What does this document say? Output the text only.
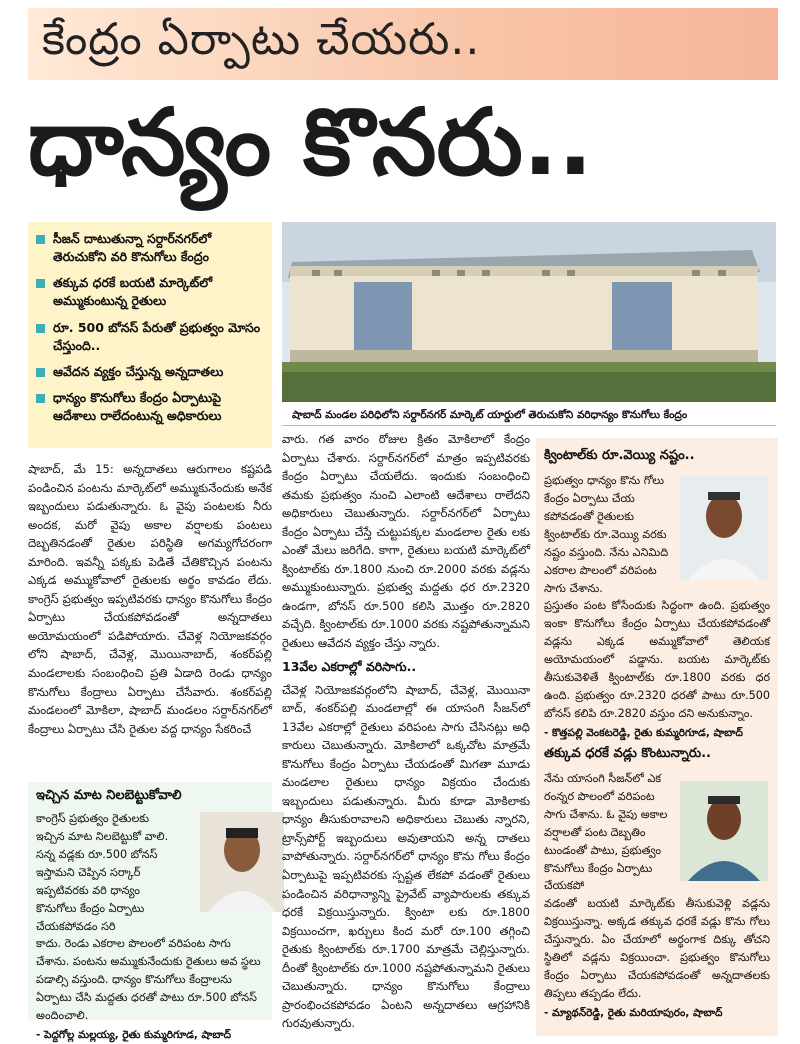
కేంద్రం ఏర్పాటు చేయరు..
ధాన్యం కొనరు..
సీజన్ దాటుతున్నా సర్దార్‌నగర్‌లో తెరుచుకోని వరి కొనుగోలు కేంద్రం
తక్కువ ధరకే బయటి మార్కెట్‌లో అమ్ముకుంటున్న రైతులు
రూ. 500 బోనస్ పేరుతో ప్రభుత్వం మోసం చేస్తుంది..
ఆవేదన వ్యక్తం చేస్తున్న అన్నదాతలు
ధాన్యం కొనుగోలు కేంద్రం ఏర్పాటుపై ఆదేశాలు రాలేదంటున్న అధికారులు	షాబాద్ మండల పరిధిలోని సర్దార్‌నగర్ మార్కెట్ యార్డులో తెరుచుకోని వరిధాన్యం కొనుగోలు కేంద్రం

షాబాద్, మే 15: అన్నదాతలు ఆరుగాలం కష్టపడి పండించిన పంటను మార్కెట్‌లో అమ్ముకునేందుకు అనేక ఇబ్బందులు పడుతున్నారు. ఓ వైపు పంటలకు నీరు అందక, మరో వైపు అకాల వర్షాలకు పంటలు దెబ్బతినడంతో రైతుల పరిస్థితి అగమ్యగోచరంగా మారింది. ఇవన్నీ పక్కకు పెడితే చేతికొచ్చిన పంటను ఎక్కడ అమ్ముకోవాలో రైతులకు అర్థం కావడం లేదు. కాంగ్రెస్ ప్రభుత్వం ఇప్పటివరకు ధాన్యం కొనుగోలు కేంద్రం ఏర్పాటు చేయకపోవడంతో అన్నదాతలు అయోమయంలో పడిపోయారు. చేవెళ్ల నియోజకవర్గం లోని షాబాద్, చేవెళ్ల, మొయినాబాద్, శంకర్‌పల్లి మండలాలకు సంబంధించి ప్రతి ఏడాది రెండు ధాన్యం కొనుగోలు కేంద్రాలు ఏర్పాటు చేసేవారు. శంకర్‌పల్లి మండలంలో మోకిలా, షాబాద్ మండలం సర్దార్‌నగర్‌లో కేంద్రాలు ఏర్పాటు చేసి రైతుల వద్ద ధాన్యం సేకరించే

ఇచ్చిన మాట నిలబెట్టుకోవాలి
కాంగ్రెస్ ప్రభుత్వం రైతులకు ఇచ్చిన మాట నిలబెట్టుకో వాలి. సన్న వడ్లకు రూ.500 బోనస్ ఇస్తామని చెప్పిన సర్కార్ ఇప్పటివరకు వరి ధాన్యం కొనుగోలు కేంద్రం ఏర్పాటు చేయకపోవడం సరి
కాదు. రెండు ఎకరాల పొలంలో వరిపంట సాగు చేశాను. పంటను అమ్ముకునేందుకు రైతులు అవ స్థలు పడాల్సి వస్తుంది. ధాన్యం కొనుగోలు కేంద్రాలను ఏర్పాటు చేసి మద్దతు ధరతో పాటు రూ.500 బోనస్ అందించాలి.
- పెద్దగోల్ల మల్లయ్య, రైతు కుమ్మరిగూడ, షాబాద్

వారు. గత వారం రోజుల క్రితం మోకిలాలో కేంద్రం ఏర్పాటు చేశారు. సర్దార్‌నగర్‌లో మాత్రం ఇప్పటివరకు కేంద్రం ఏర్పాటు చేయలేదు. ఇందుకు సంబంధించి తమకు ప్రభుత్వం నుంచి ఎలాంటి ఆదేశాలు రాలేదని అధికారులు చెబుతున్నారు. సర్దార్‌నగర్‌లో ఏర్పాటు కేంద్రం ఏర్పాటు చేస్తే చుట్టుపక్కల మండలాల రైతు లకు ఎంతో మేలు జరిగేది. కాగా, రైతులు బయటి మార్కెట్‌లో క్వింటాల్‌కు రూ.1800 నుంచి రూ.2000 వరకు వడ్లను అమ్ముకుంటున్నారు. ప్రభుత్వ మద్దతు ధర రూ.2320 ఉండగా, బోనస్ రూ.500 కలిసి మొత్తం రూ.2820 వచ్చేది. క్వింటాల్‌కు రూ.1000 వరకు నష్టపోతున్నామని రైతులు ఆవేదన వ్యక్తం చేస్తు న్నారు.

13వేల ఎకరాల్లో వరిసాగు..

చేవెళ్ల నియోజకవర్గంలోని షాబాద్, చేవెళ్ల, మొయినా బాద్, శంకర్‌పల్లి మండలాల్లో ఈ యాసంగి సీజన్‌లో 13వేల ఎకరాల్లో రైతులు వరిపంట సాగు చేసినట్లు అధి కారులు చెబుతున్నారు. మోకిలాలో ఒక్కచోట మాత్రమే కొనుగోలు కేంద్రం ఏర్పాటు చేయడంతో మిగతా మూడు మండలాల రైతులు ధాన్యం విక్రయం చేందుకు ఇబ్బందులు పడుతున్నారు. మీరు కూడా మోకిలాకు ధాన్యం తీసుకురావాలని అధికారులు చెబుతు న్నారని, ట్రాన్స్‌పోర్ట్ ఇబ్బందులు అవుతాయని అన్న దాతలు వాపోతున్నారు. సర్దార్‌నగర్‌లో ధాన్యం కొను గోలు కేంద్రం ఏర్పాటుపై ఇప్పటివరకు స్పష్టత లేకపో వడంతో రైతులు పండించిన వరిధాన్యాన్ని ప్రైవేట్ వ్యాపారులకు తక్కువ ధరకే విక్రయిస్తున్నారు. క్వింటా లకు రూ.1800 విక్రయించగా, ఖర్చులు కింద మరో రూ.100 తగ్గించి రైతుకు క్వింటాల్‌కు రూ.1700 మాత్రమే చెల్లిస్తున్నారు. దీంతో క్వింటాల్‌కు రూ.1000 నష్టపోతున్నామని రైతులు చెబుతున్నారు. ధాన్యం కొనుగోలు కేంద్రాలు ప్రారంభించకపోవడం ఏంటని అన్నదాతలు ఆగ్రహానికి గురవుతున్నారు.

క్వింటాల్‌కు రూ.వెయ్యి నష్టం..
ప్రభుత్వం ధాన్యం కొను గోలు కేంద్రం ఏర్పాటు చేయ కపోవడంతో రైతులకు క్వింటాల్‌కు రూ.వెయ్యి వరకు నష్టం వస్తుంది. నేను ఎనిమిది ఎకరాల పొలంలో వరిపంట సాగు చేశాను.
ప్రస్తుతం పంట కోసేందుకు సిద్ధంగా ఉంది. ప్రభుత్వం ఇంకా కొనుగోలు కేంద్రం ఏర్పాటు చేయకపోవడంతో వడ్లను ఎక్కడ అమ్ముకోవాలో తెలియక అయోమయంలో పడ్డాను. బయట మార్కెట్‌కు తీసుకువెళితే క్వింటాల్‌కు రూ.1800 వరకు ధర ఉంది. ప్రభుత్వం రూ.2320 ధరతో పాటు రూ.500 బోనస్ కలిపి రూ.2820 వస్తుం దని అనుకున్నాం.
- కొత్తపల్లి వెంకటరెడ్డి, రైతు కుమ్మరిగూడ, షాబాద్
తక్కువ ధరకే వడ్లు కొంటున్నారు..
నేను యాసంగి సీజన్‌లో ఎక రంన్నర పొలంలో వరిపంట సాగు చేశాను. ఓ వైపు అకాల వర్షాలతో పంట దెబ్బతిం టుండంతో పాటు, ప్రభుత్వం కొనుగోలు కేంద్రం ఏర్పాటు చేయకపో
వడంతో బయటి మార్కెట్‌కు తీసుకువెళ్లి వడ్లను విక్రయిస్తున్నా. అక్కడ తక్కువ ధరకే వడ్లు కొను గోలు చేస్తున్నారు. ఏం చేయాలో అర్థంగాక దిక్కు తోచని స్థితిలో వడ్లను విక్రయించా. ప్రభుత్వం కొనుగోలు కేంద్రం ఏర్పాటు చేయకపోవడంతో అన్నదాతలకు తిప్పలు తప్పడం లేదు.
- మ్యాథన్‌రెడ్డి, రైతు మరియాపురం, షాబాద్
